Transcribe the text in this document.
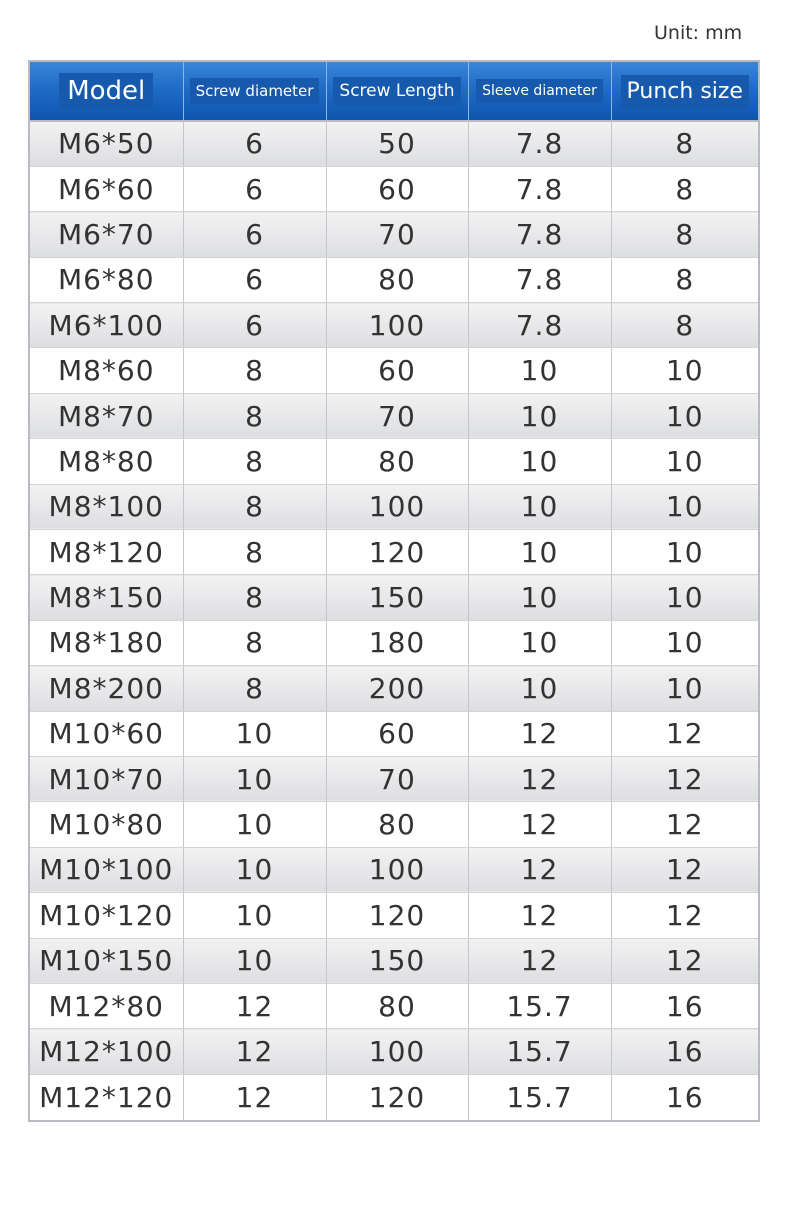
Unit: mm
Model	Screw diameter	Screw Length	Sleeve diameter	Punch size
M6*50	6	50	7.8	8
M6*60	6	60	7.8	8
M6*70	6	70	7.8	8
M6*80	6	80	7.8	8
M6*100	6	100	7.8	8
M8*60	8	60	10	10
M8*70	8	70	10	10
M8*80	8	80	10	10
M8*100	8	100	10	10
M8*120	8	120	10	10
M8*150	8	150	10	10
M8*180	8	180	10	10
M8*200	8	200	10	10
M10*60	10	60	12	12
M10*70	10	70	12	12
M10*80	10	80	12	12
M10*100	10	100	12	12
M10*120	10	120	12	12
M10*150	10	150	12	12
M12*80	12	80	15.7	16
M12*100	12	100	15.7	16
M12*120	12	120	15.7	16
